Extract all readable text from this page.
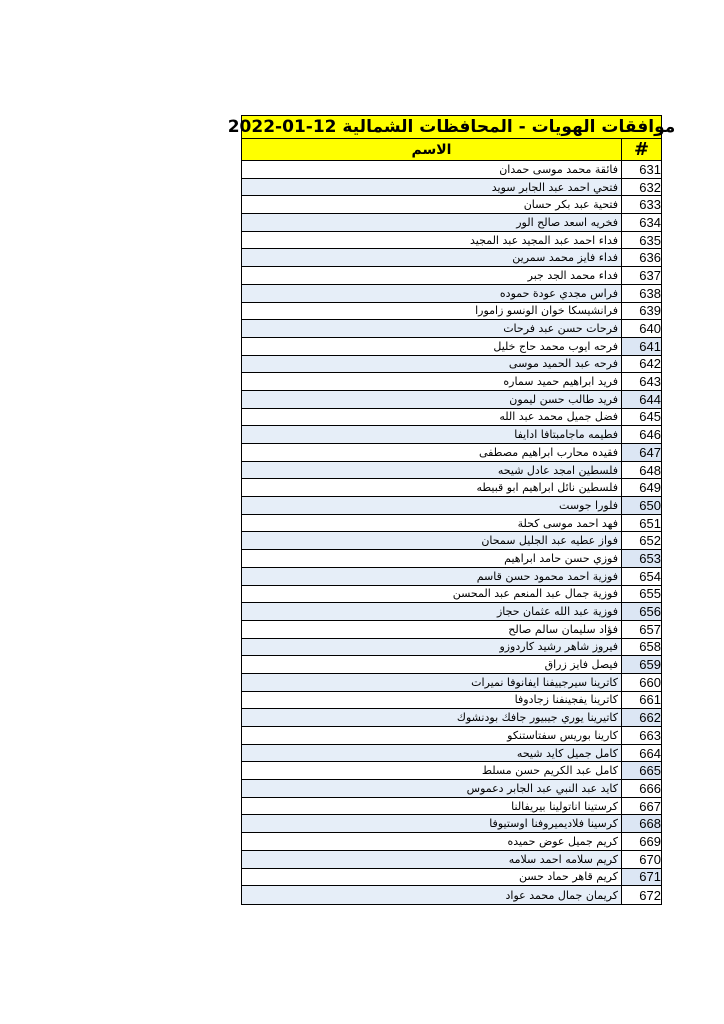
موافقات الهويات - المحافظات الشمالية 12-01-2022
#
الاسم
631
فائقة محمد موسى حمدان
632
فتحي احمد عبد الجابر سويد
633
فتحية عبد بكر حسان
634
فخريه اسعد صالح الور
635
فداء احمد عبد المجيد عبد المجيد
636
فداء فايز محمد سمرين
637
فداء محمد الجد جبر
638
فراس مجدي عودة حموده
639
فرانشيسكا خوان الونسو زامورا
640
فرحات حسن عبد فرحات
641
فرحه ايوب محمد حاج خليل
642
فرحه عبد الحميد موسى
643
فريد ابراهيم حميد سماره
644
فريد طالب حسن ليمون
645
فضل جميل محمد عبد الله
646
فطيمه ماجامبتافا ادايفا
647
فقيده محارب ابراهيم مصطفى
648
فلسطين امجد عادل شيحه
649
فلسطين نائل ابراهيم ابو قبيطه
650
فلورا جوست
651
فهد احمد موسى كحلة
652
فواز عطيه عبد الجليل سمحان
653
فوزي حسن حامد ابراهيم
654
فوزية احمد محمود حسن قاسم
655
فوزية جمال عبد المنعم عبد المحسن
656
فوزية عبد الله عثمان حجاز
657
فؤاد سليمان سالم صالح
658
فيروز شاهر رشيد كاردوزو
659
فيصل فايز زراق
660
كاترينا سيرجييفنا ايفانوفا نميرات
661
كاترينا يفجينفنا زجادوفا
662
كاتيرينا يوري جيبيور جافك بودنشوك
663
كارينا بوريس سفتاستنكو
664
كامل جميل كايد شيحه
665
كامل عبد الكريم حسن مسلط
666
كايد عبد النبي عبد الجابر دعموس
667
كرستينا اناتولينا بيريفالنا
668
كرسينا فلاديميروفنا اوستيوفا
669
كريم جميل عوض حميده
670
كريم سلامه احمد سلامه
671
كريم قاهر حماد حسن
672
كريمان جمال محمد عواد
